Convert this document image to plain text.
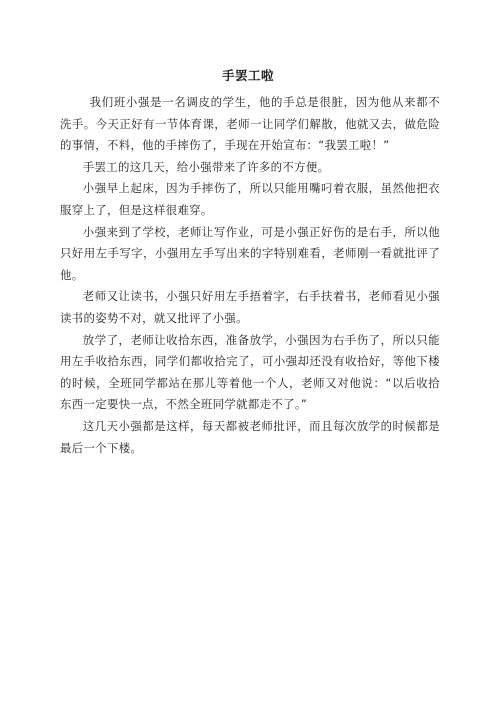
手罢工啦

我们班小强是一名调皮的学生，他的手总是很脏，因为他从来都不洗手。今天正好有一节体育课，老师一让同学们解散，他就又去，做危险的事情，不料，他的手摔伤了，手现在开始宣布：“我罢工啦！”

手罢工的这几天，给小强带来了许多的不方便。

小强早上起床，因为手摔伤了，所以只能用嘴叼着衣服，虽然他把衣服穿上了，但是这样很难穿。

小强来到了学校，老师让写作业，可是小强正好伤的是右手，所以他只好用左手写字，小强用左手写出来的字特别难看，老师刚一看就批评了他。

老师又让读书，小强只好用左手捂着字，右手扶着书，老师看见小强读书的姿势不对，就又批评了小强。

放学了，老师让收拾东西，准备放学，小强因为右手伤了，所以只能用左手收拾东西，同学们都收拾完了，可小强却还没有收拾好，等他下楼的时候，全班同学都站在那儿等着他一个人，老师又对他说：“以后收拾东西一定要快一点，不然全班同学就都走不了。”

这几天小强都是这样，每天都被老师批评，而且每次放学的时候都是最后一个下楼。
